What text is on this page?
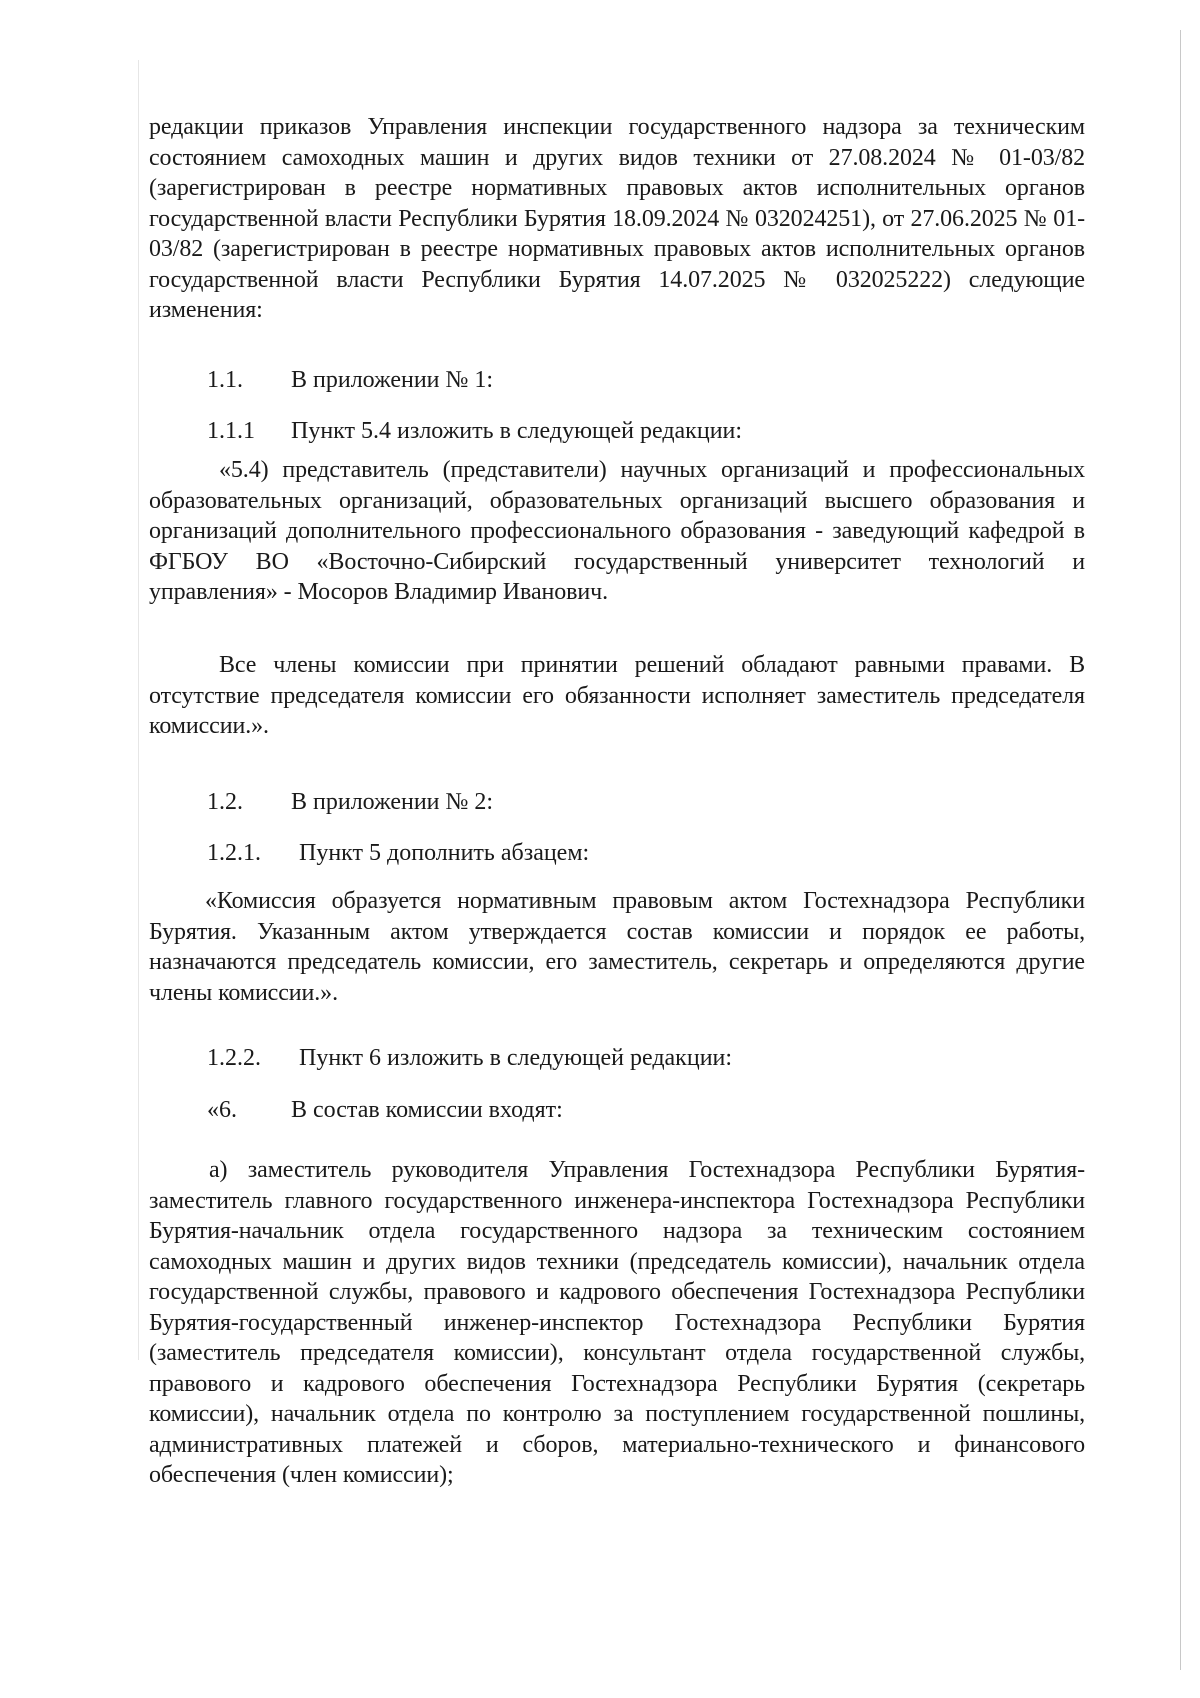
редакции приказов Управления инспекции государственного надзора за техническим состоянием самоходных машин и других видов техники от 27.08.2024 № 01-03/82 (зарегистрирован в реестре нормативных правовых актов исполнительных органов государственной власти Республики Бурятия 18.09.2024 № 032024251), от 27.06.2025 № 01-03/82 (зарегистрирован в реестре нормативных правовых актов исполнительных органов государственной власти Республики Бурятия 14.07.2025 № 032025222) следующие изменения:

1.1. В приложении № 1:

1.1.1 Пункт 5.4 изложить в следующей редакции:

«5.4) представитель (представители) научных организаций и профессиональных образовательных организаций, образовательных организаций высшего образования и организаций дополнительного профессионального образования - заведующий кафедрой в ФГБОУ ВО «Восточно-Сибирский государственный университет технологий и управления» - Мосоров Владимир Иванович.

Все члены комиссии при принятии решений обладают равными правами. В отсутствие председателя комиссии его обязанности исполняет заместитель председателя комиссии.».

1.2. В приложении № 2:

1.2.1. Пункт 5 дополнить абзацем:

«Комиссия образуется нормативным правовым актом Гостехнадзора Республики Бурятия. Указанным актом утверждается состав комиссии и порядок ее работы, назначаются председатель комиссии, его заместитель, секретарь и определяются другие члены комиссии.».

1.2.2. Пункт 6 изложить в следующей редакции:

«6. В состав комиссии входят:

а) заместитель руководителя Управления Гостехнадзора Республики Бурятия-заместитель главного государственного инженера-инспектора Гостехнадзора Республики Бурятия-начальник отдела государственного надзора за техническим состоянием самоходных машин и других видов техники (председатель комиссии), начальник отдела государственной службы, правового и кадрового обеспечения Гостехнадзора Республики Бурятия-государственный инженер-инспектор Гостехнадзора Республики Бурятия (заместитель председателя комиссии), консультант отдела государственной службы, правового и кадрового обеспечения Гостехнадзора Республики Бурятия (секретарь комиссии), начальник отдела по контролю за поступлением государственной пошлины, административных платежей и сборов, материально-технического и финансового обеспечения (член комиссии);
